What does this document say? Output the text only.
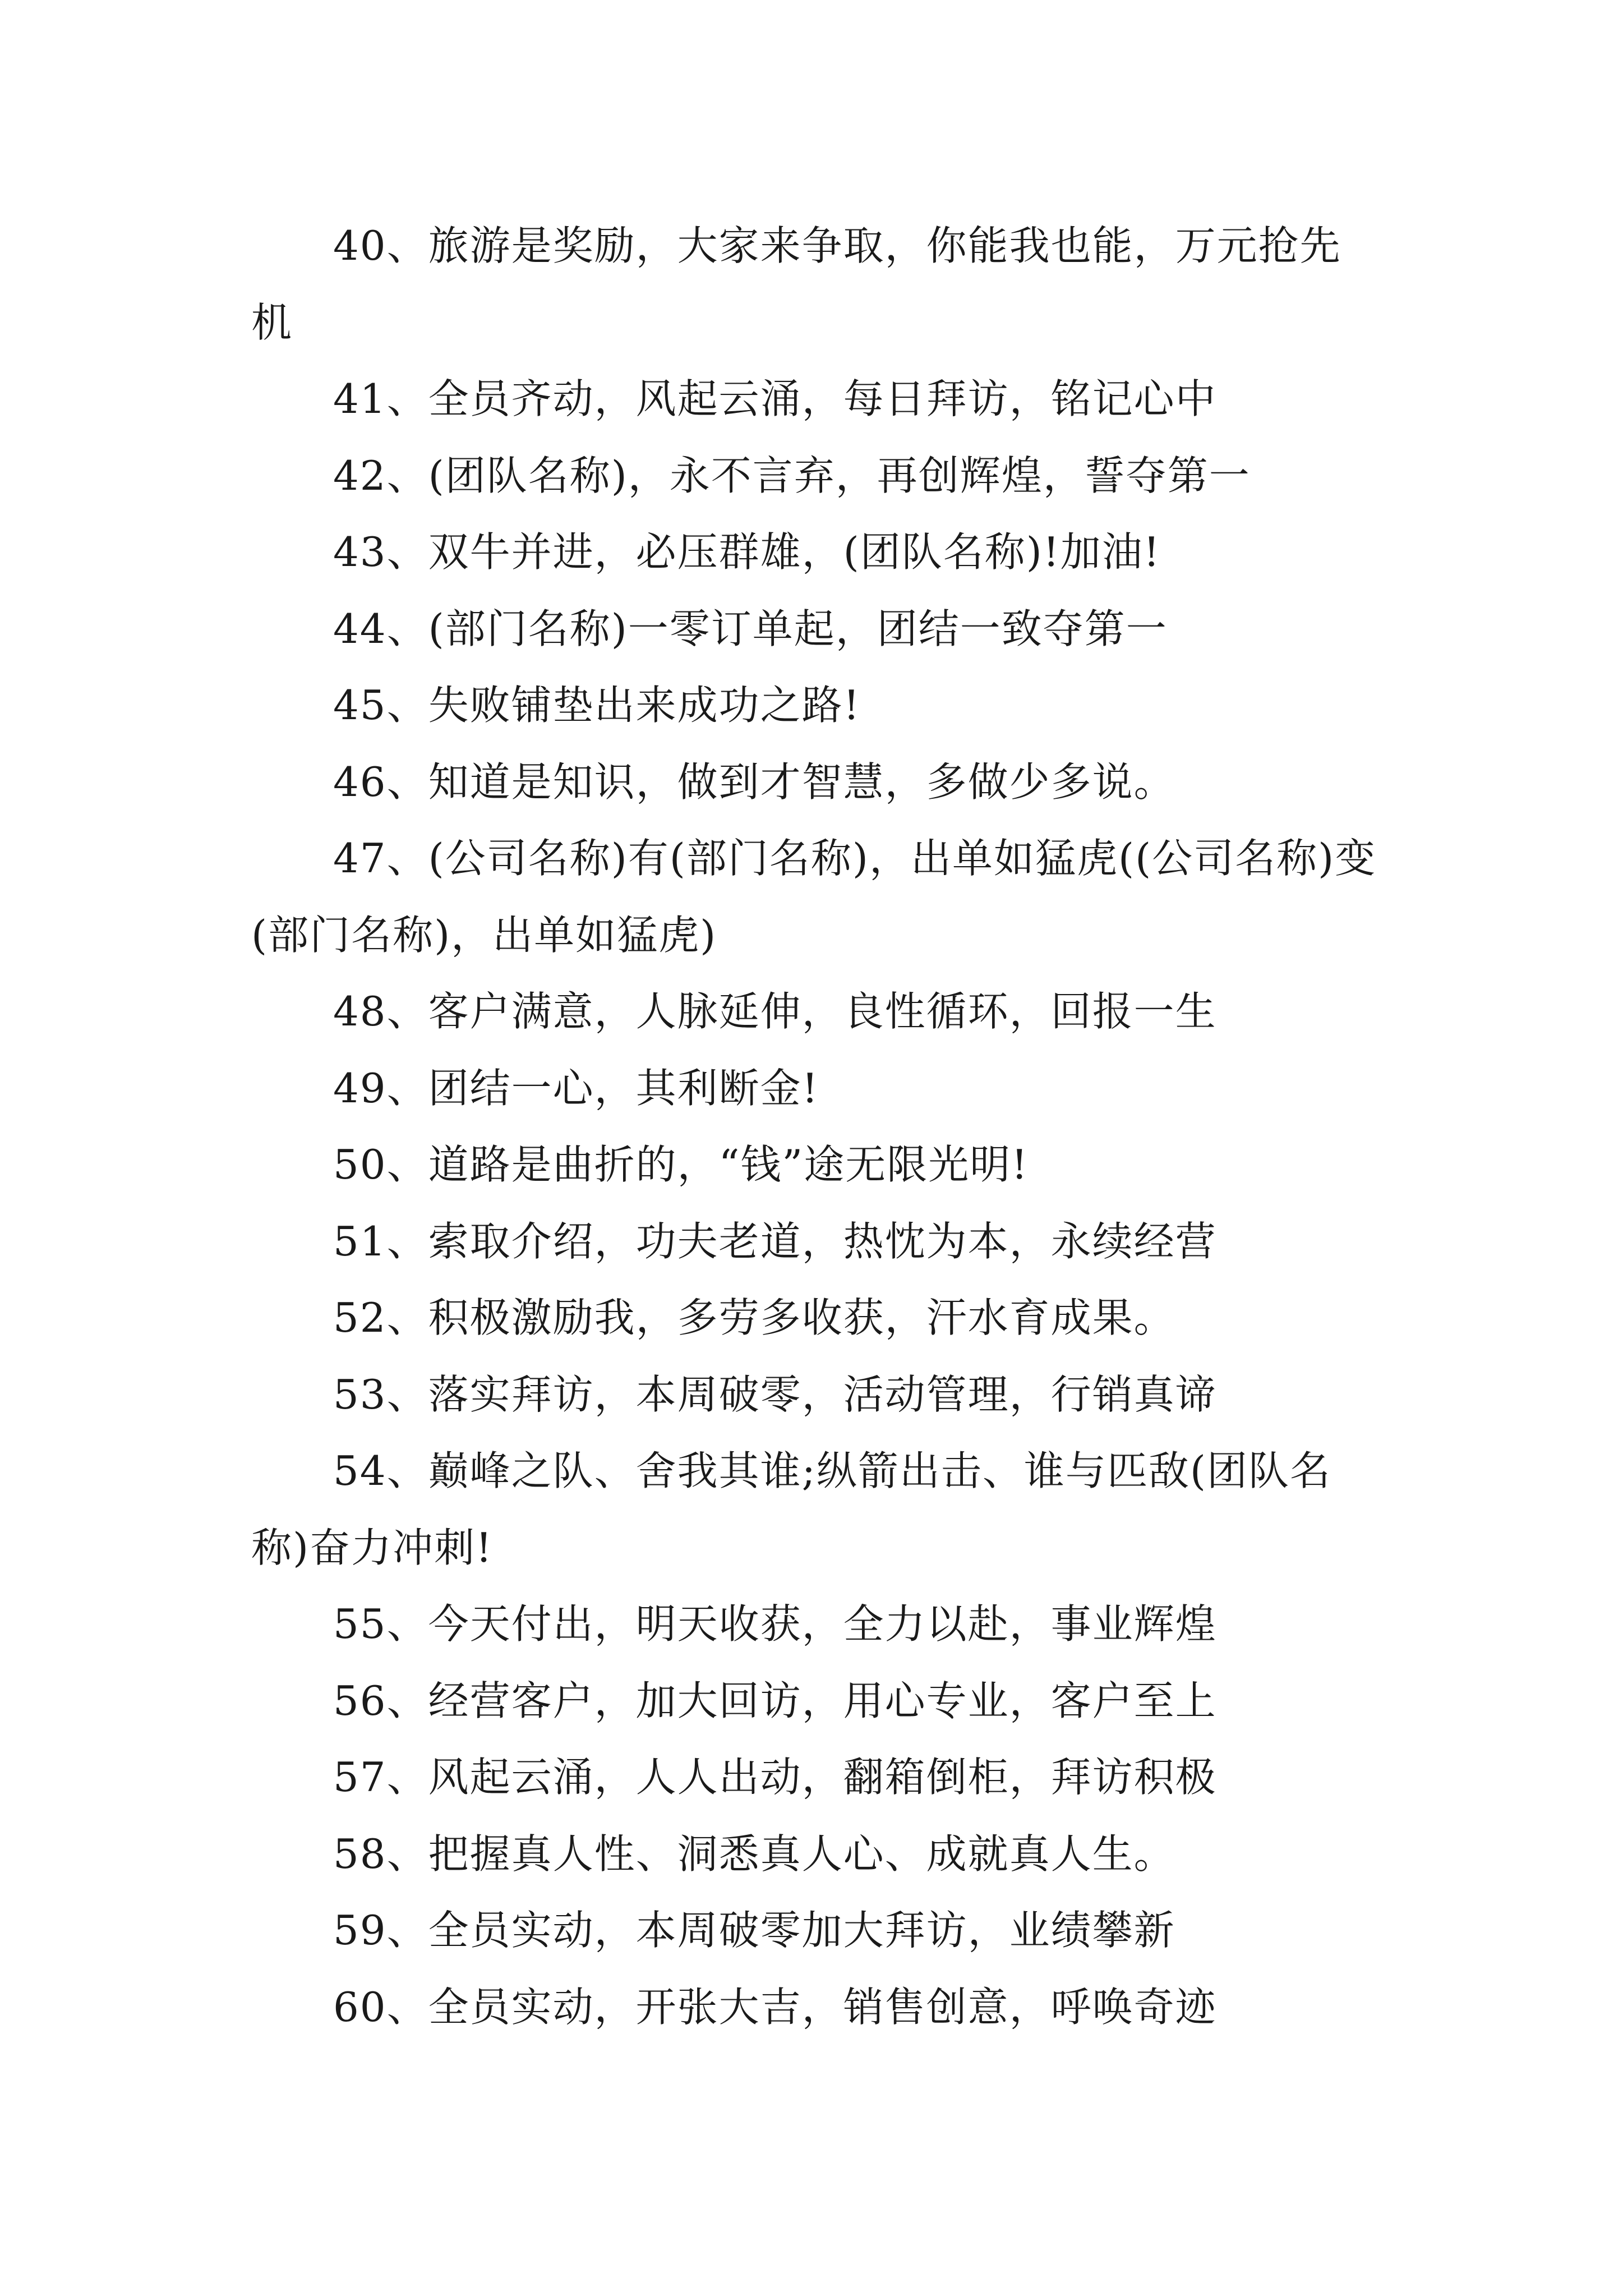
40、旅游是奖励，大家来争取，你能我也能，万元抢先机

41、全员齐动，风起云涌，每日拜访，铭记心中

42、(团队名称)，永不言弃，再创辉煌，誓夺第一

43、双牛并进，必压群雄，(团队名称)!加油!

44、(部门名称)一零订单起，团结一致夺第一

45、失败铺垫出来成功之路!

46、知道是知识，做到才智慧，多做少多说。

47、(公司名称)有(部门名称)，出单如猛虎((公司名称)变(部门名称)，出单如猛虎)

48、客户满意，人脉延伸，良性循环，回报一生

49、团结一心，其利断金!

50、道路是曲折的，“钱”途无限光明!

51、索取介绍，功夫老道，热忱为本，永续经营

52、积极激励我，多劳多收获，汗水育成果。

53、落实拜访，本周破零，活动管理，行销真谛

54、巅峰之队、舍我其谁;纵箭出击、谁与匹敌(团队名称)奋力冲刺!

55、今天付出，明天收获，全力以赴，事业辉煌

56、经营客户，加大回访，用心专业，客户至上

57、风起云涌，人人出动，翻箱倒柜，拜访积极

58、把握真人性、洞悉真人心、成就真人生。

59、全员实动，本周破零加大拜访，业绩攀新

60、全员实动，开张大吉，销售创意，呼唤奇迹
